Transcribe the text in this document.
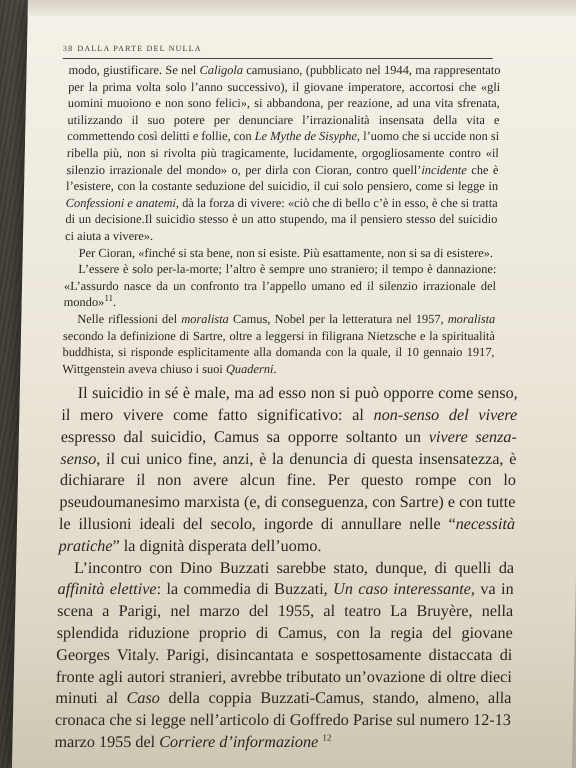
38 DALLA PARTE DEL NULLA

modo, giustificare. Se nel Caligola camusiano, (pubblicato nel 1944, ma rappresentato per la prima volta solo l’anno successivo), il giovane imperatore, accortosi che «gli uomini muoiono e non sono felici», si abbandona, per reazione, ad una vita sfrenata, utilizzando il suo potere per denunciare l’irrazionalità insensata della vita e commettendo così delitti e follie, con Le Mythe de Sisyphe, l’uomo che si uccide non si ribella più, non si rivolta più tragicamente, lucidamente, orgogliosamente contro «il silenzio irrazionale del mondo» o, per dirla con Cioran, contro quell’incidente che è l’esistere, con la costante seduzione del suicidio, il cui solo pensiero, come si legge in Confessioni e anatemi, dà la forza di vivere: «ciò che di bello c’è in esso, è che si tratta di un decisione.Il suicidio stesso è un atto stupendo, ma il pensiero stesso del suicidio ci aiuta a vivere».

Per Cioran, «finché si sta bene, non si esiste. Più esattamente, non si sa di esistere».

L’essere è solo per-la-morte; l’altro è sempre uno straniero; il tempo è dannazione: «L’assurdo nasce da un confronto tra l’appello umano ed il silenzio irrazionale del mondo»$^{11}$.

Nelle riflessioni del moralista Camus, Nobel per la letteratura nel 1957, moralista secondo la definizione di Sartre, oltre a leggersi in filigrana Nietzsche e la spiritualità buddhista, si risponde esplicitamente alla domanda con la quale, il 10 gennaio 1917, Wittgenstein aveva chiuso i suoi Quaderni.

Il suicidio in sé è male, ma ad esso non si può opporre come senso, il mero vivere come fatto significativo: al non-senso del vivere espresso dal suicidio, Camus sa opporre soltanto un vivere senza-senso, il cui unico fine, anzi, è la denuncia di questa insensatezza, è dichiarare il non avere alcun fine. Per questo rompe con lo pseudoumanesimo marxista (e, di conseguenza, con Sartre) e con tutte le illusioni ideali del secolo, ingorde di annullare nelle “necessità pratiche” la dignità disperata dell’uomo.

L’incontro con Dino Buzzati sarebbe stato, dunque, di quelli da affinità elettive: la commedia di Buzzati, Un caso interessante, va in scena a Parigi, nel marzo del 1955, al teatro La Bruyère, nella splendida riduzione proprio di Camus, con la regia del giovane Georges Vitaly. Parigi, disincantata e sospettosamente distaccata di fronte agli autori stranieri, avrebbe tributato un’ovazione di oltre dieci minuti al Caso della coppia Buzzati-Camus, stando, almeno, alla cronaca che si legge nell’articolo di Goffredo Parise sul numero 12-13 marzo 1955 del Corriere d’informazione $^{12}$
